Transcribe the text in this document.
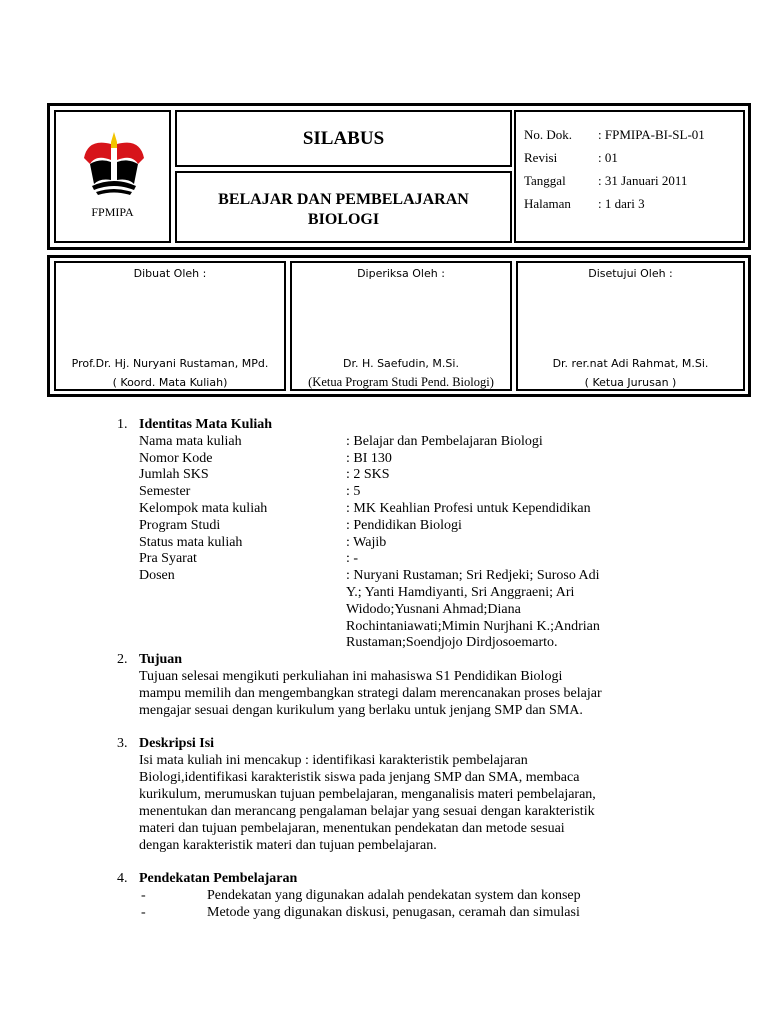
FPMIPA
SILABUS
BELAJAR DAN PEMBELAJARAN
BIOLOGI
No. Dok. : FPMIPA-BI-SL-01
Revisi	: 01
Tanggal : 31 Januari 2011
Halaman : 1 dari 3
Dibuat Oleh :
Prof.Dr. Hj. Nuryani Rustaman, MPd.
( Koord. Mata Kuliah)
Diperiksa Oleh :
Dr. H. Saefudin, M.Si.
(Ketua Program Studi Pend. Biologi)
Disetujui Oleh :
Dr. rer.nat Adi Rahmat, M.Si.
( Ketua Jurusan )
1. Identitas Mata Kuliah
Nama mata kuliah	: Belajar dan Pembelajaran Biologi
Nomor Kode	: BI 130
Jumlah SKS	: 2 SKS
Semester	: 5
Kelompok mata kuliah	: MK Keahlian Profesi untuk Kependidikan
Program Studi	: Pendidikan Biologi
Status mata kuliah	: Wajib
Pra Syarat	: -
Dosen	: Nuryani Rustaman; Sri Redjeki; Suroso Adi
Y.; Yanti Hamdiyanti, Sri Anggraeni; Ari
Widodo;Yusnani Ahmad;Diana
Rochintaniawati;Mimin Nurjhani K.;Andrian
Rustaman;Soendjojo Dirdjosoemarto.
2. Tujuan
Tujuan selesai mengikuti perkuliahan ini mahasiswa S1 Pendidikan Biologi
mampu memilih dan mengembangkan strategi dalam merencanakan proses belajar
mengajar sesuai dengan kurikulum yang berlaku untuk jenjang SMP dan SMA.
3. Deskripsi Isi
Isi mata kuliah ini mencakup : identifikasi karakteristik pembelajaran
Biologi,identifikasi karakteristik siswa pada jenjang SMP dan SMA, membaca
kurikulum, merumuskan tujuan pembelajaran, menganalisis materi pembelajaran,
menentukan dan merancang pengalaman belajar yang sesuai dengan karakteristik
materi dan tujuan pembelajaran, menentukan pendekatan dan metode sesuai
dengan karakteristik materi dan tujuan pembelajaran.
4. Pendekatan Pembelajaran
-	Pendekatan yang digunakan adalah pendekatan system dan konsep
-	Metode yang digunakan diskusi, penugasan, ceramah dan simulasi
